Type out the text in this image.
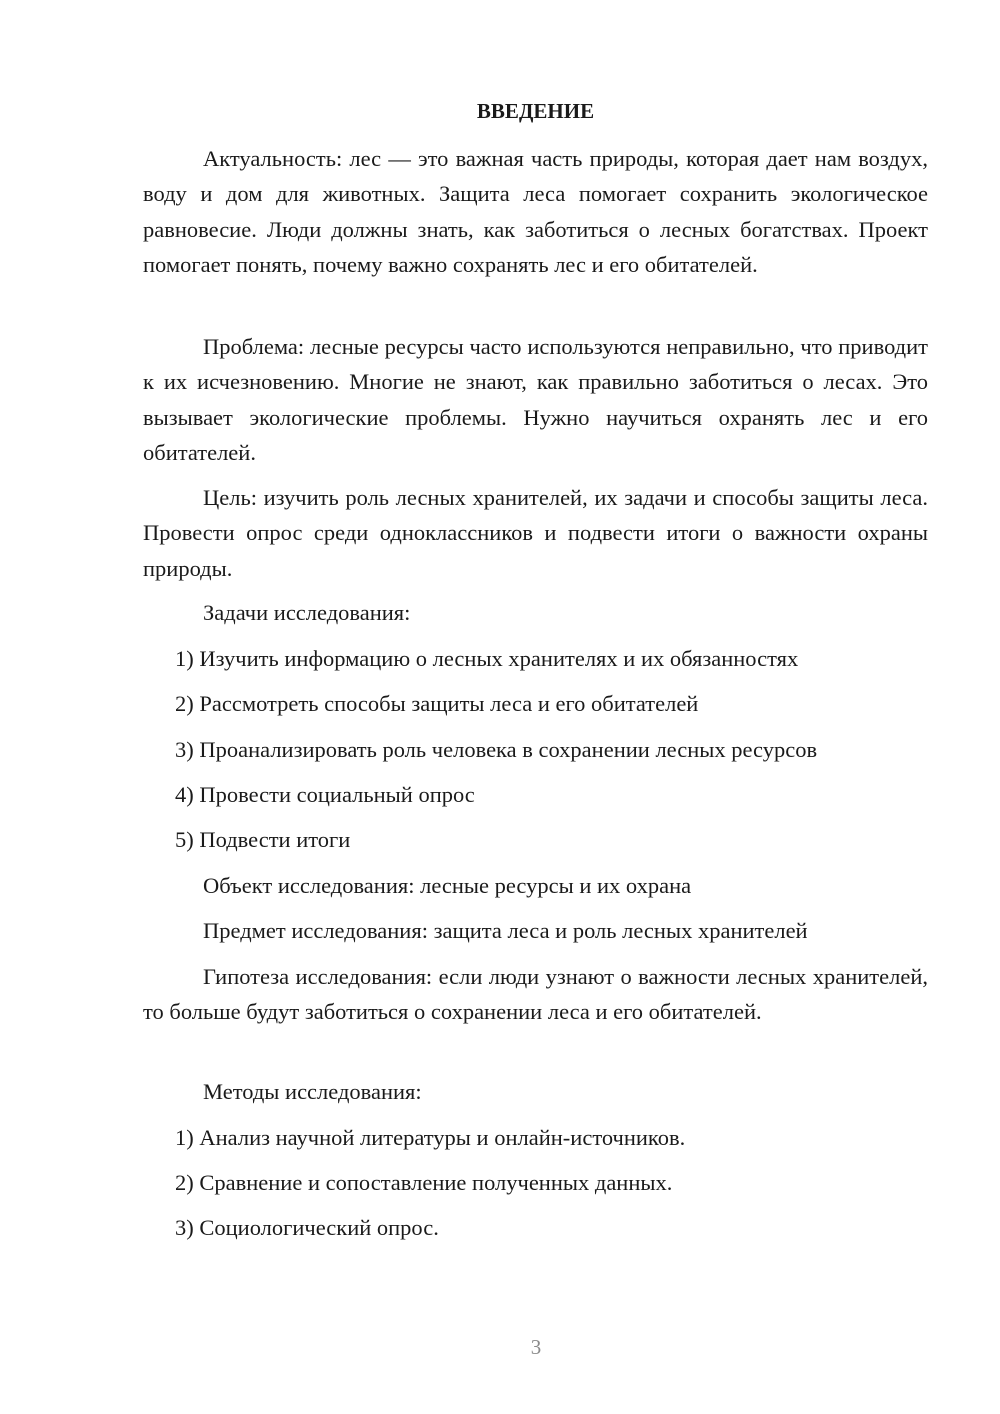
ВВЕДЕНИЕ

Актуальность: лес — это важная часть природы, которая дает нам воздух, воду и дом для животных. Защита леса помогает сохранить экологическое равновесие. Люди должны знать, как заботиться о лесных богатствах. Проект помогает понять, почему важно сохранять лес и его обитателей.

Проблема: лесные ресурсы часто используются неправильно, что приводит к их исчезновению. Многие не знают, как правильно заботиться о лесах. Это вызывает экологические проблемы. Нужно научиться охранять лес и его обитателей.

Цель: изучить роль лесных хранителей, их задачи и способы защиты леса. Провести опрос среди одноклассников и подвести итоги о важности охраны природы.

Задачи исследования:

1) Изучить информацию о лесных хранителях и их обязанностях

2) Рассмотреть способы защиты леса и его обитателей

3) Проанализировать роль человека в сохранении лесных ресурсов

4) Провести социальный опрос

5) Подвести итоги

Объект исследования: лесные ресурсы и их охрана

Предмет исследования: защита леса и роль лесных хранителей

Гипотеза исследования: если люди узнают о важности лесных хранителей, то больше будут заботиться о сохранении леса и его обитателей.

Методы исследования:

1) Анализ научной литературы и онлайн-источников.

2) Сравнение и сопоставление полученных данных.

3) Социологический опрос.

3
